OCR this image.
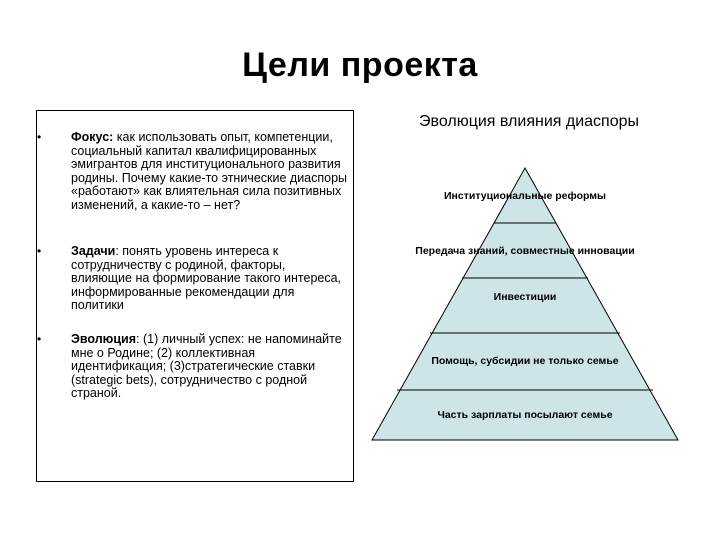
Цели проекта
• Фокус: как использовать опыт, компетенции, социальный капитал квалифицированных эмигрантов для институционального развития родины. Почему какие-то этнические диаспоры «работают» как влиятельная сила позитивных изменений, а какие-то – нет?
• Задачи: понять уровень интереса к сотрудничеству с родиной, факторы, влияющие на формирование такого интереса, информированные рекомендации для политики
• Эволюция: (1) личный успех: не напоминайте мне о Родине; (2) коллективная идентификация; (3)стратегические ставки (strategic bets), сотрудничество с родной страной.
Эволюция влияния диаспоры
Институциональные реформы
Передача знаний, совместные инновации
Инвестиции
Помощь, субсидии не только семье
Часть зарплаты посылают семье
